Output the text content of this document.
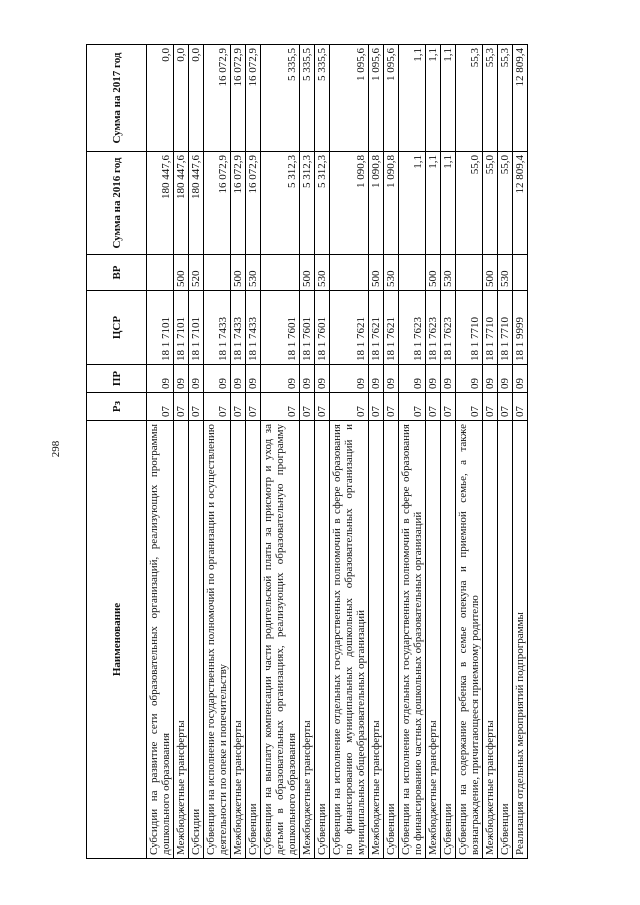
298
Наименование	Рз	ПР	ЦСР	ВР	Сумма на 2016 год	Сумма на 2017 год
Субсидии на развитие сети образовательных организаций, реализующих программы дошкольного образования	07	09	18 1 7101		180 447,6	0,0
Межбюджетные трансферты	07	09	18 1 7101	500	180 447,6	0,0
Субсидии	07	09	18 1 7101	520	180 447,6	0,0
Субвенции на исполнение государственных полномочий по организации и осуществлению деятельности по опеке и попечительству	07	09	18 1 7433		16 072,9	16 072,9
Межбюджетные трансферты	07	09	18 1 7433	500	16 072,9	16 072,9
Субвенции	07	09	18 1 7433	530	16 072,9	16 072,9
Субвенции на выплату компенсации части родительской платы за присмотр и уход за детьми в образовательных организациях, реализующих образовательную программу дошкольного образования	07	09	18 1 7601		5 312,3	5 335,5
Межбюджетные трансферты	07	09	18 1 7601	500	5 312,3	5 335,5
Субвенции	07	09	18 1 7601	530	5 312,3	5 335,5
Субвенции на исполнение отдельных государственных полномочий в сфере образования по финансированию муниципальных дошкольных образовательных организаций и муниципальных общеобразовательных организаций	07	09	18 1 7621		1 090,8	1 095,6
Межбюджетные трансферты	07	09	18 1 7621	500	1 090,8	1 095,6
Субвенции	07	09	18 1 7621	530	1 090,8	1 095,6
Субвенции на исполнение отдельных государственных полномочий в сфере образования по финансированию частных дошкольных образовательных организаций	07	09	18 1 7623		1,1	1,1
Межбюджетные трансферты	07	09	18 1 7623	500	1,1	1,1
Субвенции	07	09	18 1 7623	530	1,1	1,1
Субвенции на содержание ребенка в семье опекуна и приемной семье, а также вознаграждение, причитающееся приемному родителю	07	09	18 1 7710		55,0	55,3
Межбюджетные трансферты	07	09	18 1 7710	500	55,0	55,3
Субвенции	07	09	18 1 7710	530	55,0	55,3
Реализация отдельных мероприятий подпрограммы	07	09	18 1 9999		12 809,4	12 809,4
